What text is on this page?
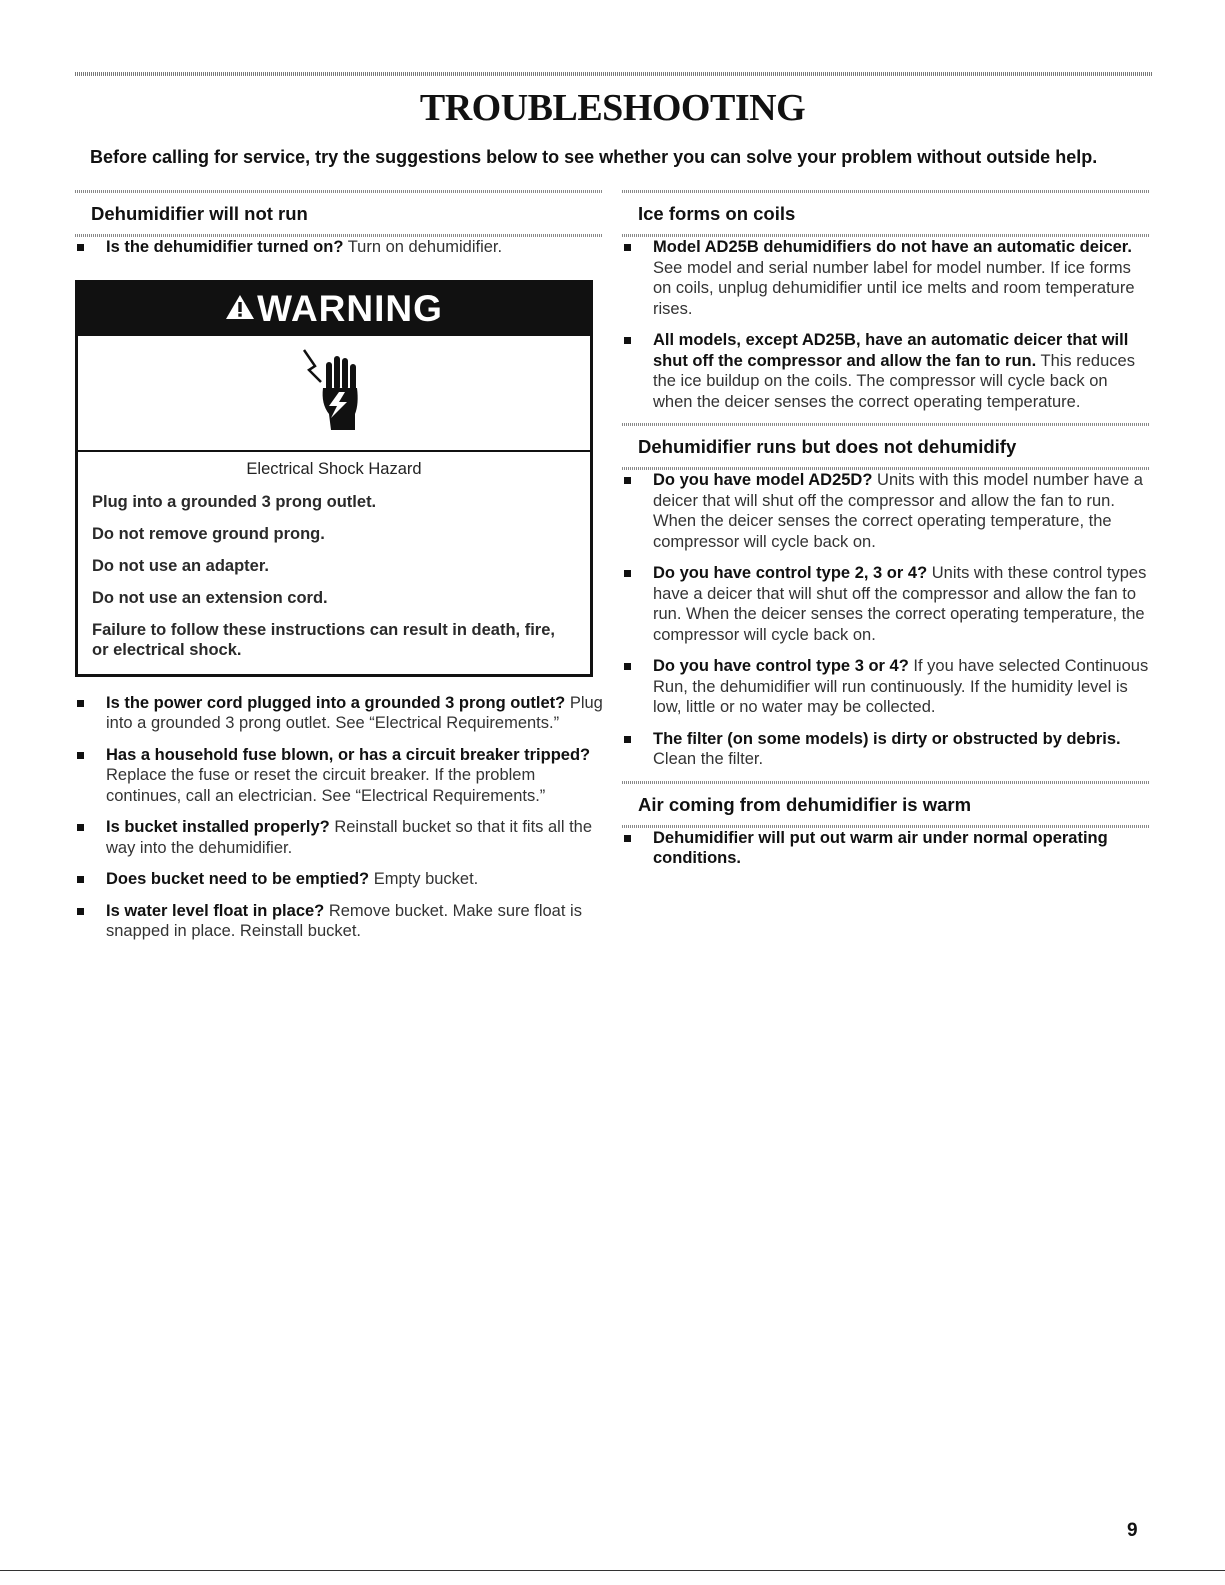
TROUBLESHOOTING
Before calling for service, try the suggestions below to see whether you can solve your problem without outside help.
Dehumidifier will not run
Is the dehumidifier turned on? Turn on dehumidifier.
WARNING
Electrical Shock Hazard

Plug into a grounded 3 prong outlet.

Do not remove ground prong.

Do not use an adapter.

Do not use an extension cord.

Failure to follow these instructions can result in death, fire, or electrical shock.

Is the power cord plugged into a grounded 3 prong outlet? Plug into a grounded 3 prong outlet. See “Electrical Requirements.”
Has a household fuse blown, or has a circuit breaker tripped? Replace the fuse or reset the circuit breaker. If the problem continues, call an electrician. See “Electrical Requirements.”
Is bucket installed properly? Reinstall bucket so that it fits all the way into the dehumidifier.
Does bucket need to be emptied? Empty bucket.
Is water level float in place? Remove bucket. Make sure float is snapped in place. Reinstall bucket.
Ice forms on coils
Model AD25B dehumidifiers do not have an automatic deicer. See model and serial number label for model number. If ice forms on coils, unplug dehumidifier until ice melts and room temperature rises.
All models, except AD25B, have an automatic deicer that will shut off the compressor and allow the fan to run. This reduces the ice buildup on the coils. The compressor will cycle back on when the deicer senses the correct operating temperature.
Dehumidifier runs but does not dehumidify
Do you have model AD25D? Units with this model number have a deicer that will shut off the compressor and allow the fan to run. When the deicer senses the correct operating temperature, the compressor will cycle back on.
Do you have control type 2, 3 or 4? Units with these control types have a deicer that will shut off the compressor and allow the fan to run. When the deicer senses the correct operating temperature, the compressor will cycle back on.
Do you have control type 3 or 4? If you have selected Continuous Run, the dehumidifier will run continuously. If the humidity level is low, little or no water may be collected.
The filter (on some models) is dirty or obstructed by debris. Clean the filter.
Air coming from dehumidifier is warm
Dehumidifier will put out warm air under normal operating conditions.
9
